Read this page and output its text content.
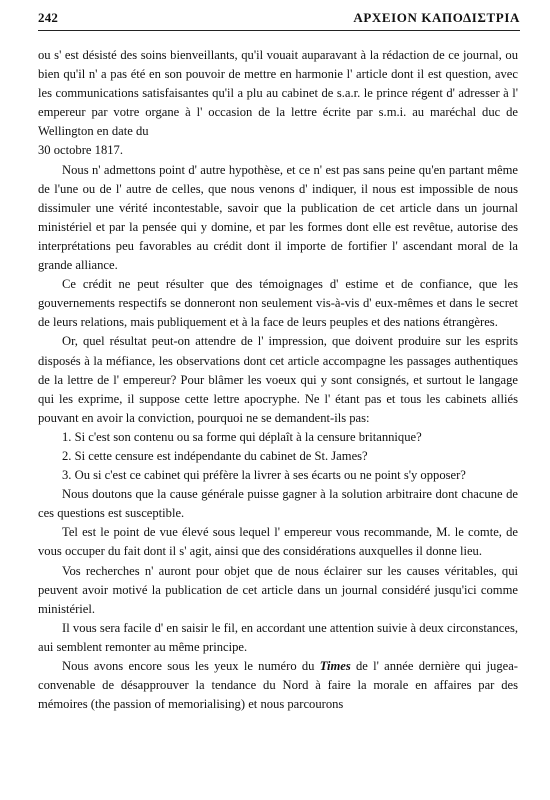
242	ΑΡΧΕΙΟΝ ΚΑΠΟΔΙΣΤΡΙΑ

ou s' est désisté des soins bienveillants, qu'il vouait auparavant à la rédaction de ce journal, ou bien qu'il n' a pas été en son pouvoir de mettre en harmonie l' article dont il est question, avec les communications satisfaisantes qu'il a plu au cabinet de s.a.r. le prince régent d' adresser à l' empereur par votre organe à l' occasion de la lettre écrite par s.m.i. au maréchal duc de Wellington en date du

30 octobre 1817.

Nous n' admettons point d' autre hypothèse, et ce n' est pas sans peine qu'en partant même de l'une ou de l' autre de celles, que nous venons d' indiquer, il nous est impossible de nous dissimuler une vérité incontestable, savoir que la publication de cet article dans un journal ministériel et par la pensée qui y domine, et par les formes dont elle est revêtue, autorise des interprétations peu favorables au crédit dont il importe de fortifier l' ascendant moral de la grande alliance.

Ce crédit ne peut résulter que des témoignages d' estime et de confiance, que les gouvernements respectifs se donneront non seulement vis-à-vis d' eux-mêmes et dans le secret de leurs relations, mais publiquement et à la face de leurs peuples et des nations étrangères.

Or, quel résultat peut-on attendre de l' impression, que doivent produire sur les esprits disposés à la méfiance, les observations dont cet article accompagne les passages authentiques de la lettre de l' empereur? Pour blâmer les voeux qui y sont consignés, et surtout le langage qui les exprime, il suppose cette lettre apocryphe. Ne l' étant pas et tous les cabinets alliés pouvant en avoir la conviction, pourquoi ne se demandent-ils pas:

1. Si c'est son contenu ou sa forme qui déplaît à la censure britannique?

2. Si cette censure est indépendante du cabinet de St. James?

3. Ou si c'est ce cabinet qui préfère la livrer à ses écarts ou ne point s'y opposer?

Nous doutons que la cause générale puisse gagner à la solution arbitraire dont chacune de ces questions est susceptible.

Tel est le point de vue élevé sous lequel l' empereur vous recommande, M. le comte, de vous occuper du fait dont il s' agit, ainsi que des considérations auxquelles il donne lieu.

Vos recherches n' auront pour objet que de nous éclairer sur les causes véritables, qui peuvent avoir motivé la publication de cet article dans un journal considéré jusqu'ici comme ministériel.

Il vous sera facile d' en saisir le fil, en accordant une attention suivie à deux circonstances, aui semblent remonter au même principe.

Nous avons encore sous les yeux le numéro du Times de l' année dernière qui jugea-convenable de désapprouver la tendance du Nord à faire la morale en affaires par des mémoires (the passion of memorialising) et nous parcourons
